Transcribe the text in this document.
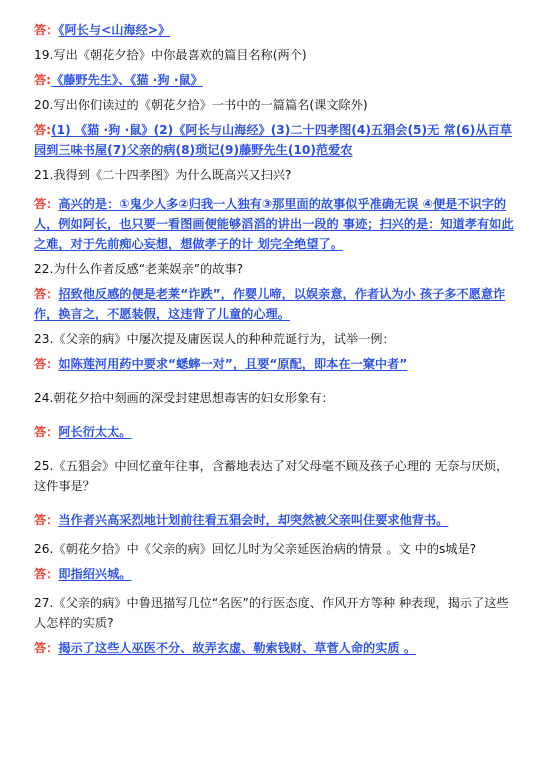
答：《阿长与<山海经>》

19.写出《朝花夕拾》中你最喜欢的篇目名称(两个)

答:《藤野先生》、《猫 ·狗 ·鼠》

20.写出你们读过的《朝花夕拾》一书中的一篇篇名(课文除外)

答:(1) 《猫 ·狗 ·鼠》(2)《阿长与山海经》(3)二十四孝图(4)五猖会(5)无 常(6)从百草园到三味书屋(7)父亲的病(8)琐记(9)藤野先生(10)范爱农

21.我得到《二十四孝图》为什么既高兴又扫兴?

答：高兴的是：①鬼少人多②归我一人独有③那里面的故事似乎准确无误 ④便是不识字的人，例如阿长，也只要一看图画便能够滔滔的讲出一段的 事迹；扫兴的是：知道孝有如此之难，对于先前痴心妄想，想做孝子的计 划完全绝望了。

22.为什么作者反感“老莱娱亲”的故事?

答：招致他反感的便是老莱“诈跌”，作婴儿啼，以娱亲意，作者认为小 孩子多不愿意诈作，换言之，不愿装假，这违背了儿童的心理。

23.《父亲的病》中屡次提及庸医误人的种种荒诞行为，试举一例：

答：如陈莲河用药中要求“蟋蟀一对”，且要“原配，即本在一窠中者”

24.朝花夕拾中刻画的深受封建思想毒害的妇女形象有：

答：阿长衍太太。

25.《五猖会》中回忆童年往事，含蓄地表达了对父母毫不顾及孩子心理的 无奈与厌烦，这件事是？

答：当作者兴高采烈地计划前往看五猖会时，却突然被父亲叫住要求他背书。

26.《朝花夕拾》中《父亲的病》回忆儿时为父亲延医治病的情景 。文 中的s城是?

答：即指绍兴城。

27.《父亲的病》中鲁迅描写几位“名医”的行医态度、作风开方等种 种表现，揭示了这些人怎样的实质?

答：揭示了这些人巫医不分、故弄玄虚、勒索钱财、草菅人命的实质 。
